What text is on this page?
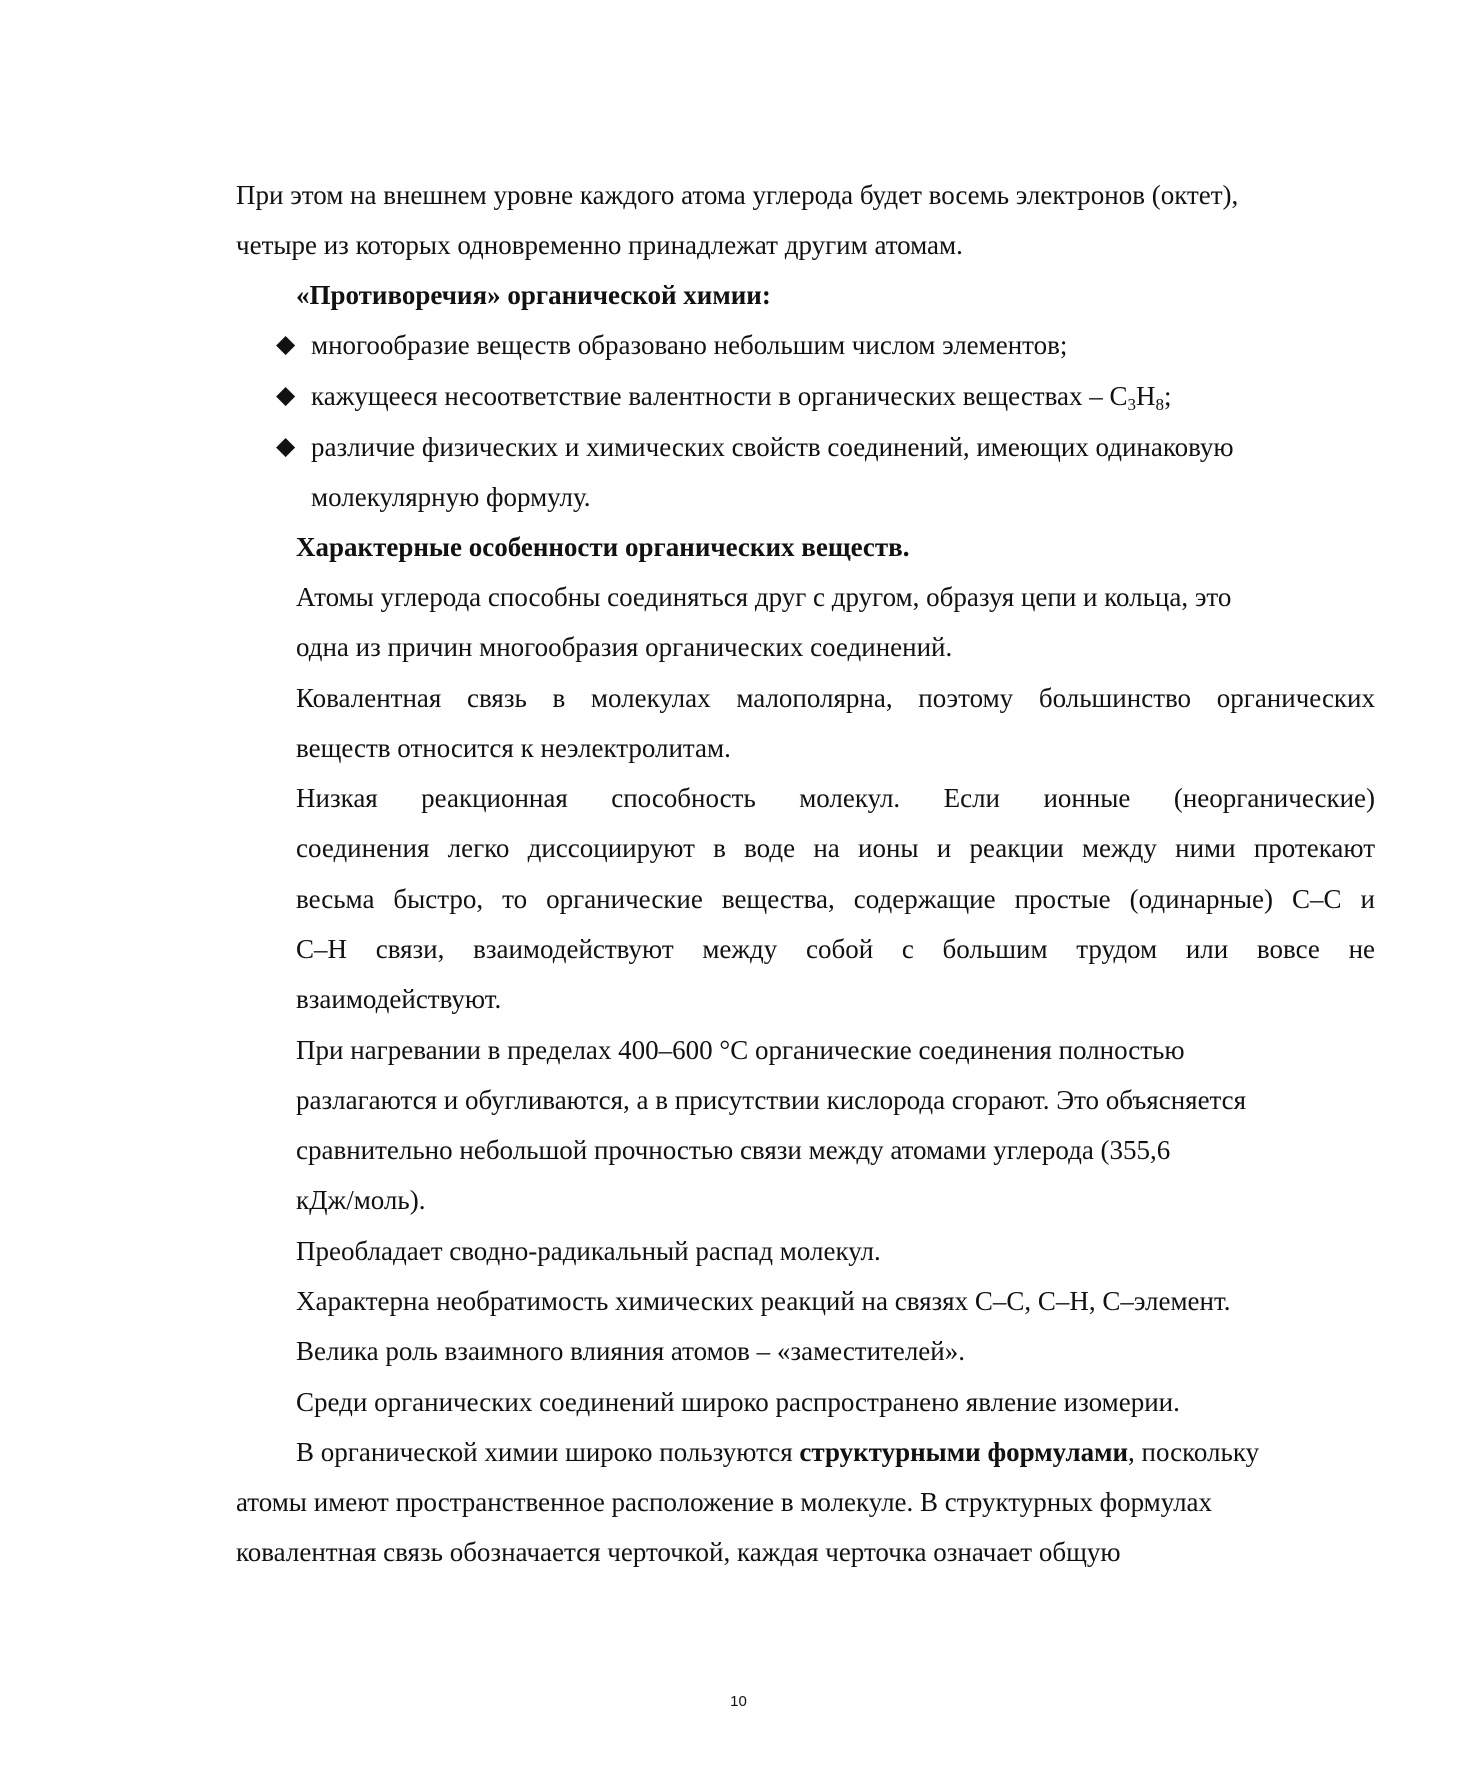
При этом на внешнем уровне каждого атома углерода будет восемь электронов (октет),
четыре из которых одновременно принадлежат другим атомам.
«Противоречия» органической химии:
◆ многообразие веществ образовано небольшим числом элементов;
◆ кажущееся несоответствие валентности в органических веществах – $С_3Н_8$;
◆ различие физических и химических свойств соединений, имеющих одинаковую
молекулярную формулу.
Характерные особенности органических веществ.
Атомы углерода способны соединяться друг с другом, образуя цепи и кольца, это
одна из причин многообразия органических соединений.
Ковалентная связь в молекулах малополярна, поэтому большинство органических
веществ относится к неэлектролитам.
Низкая реакционная способность молекул. Если ионные (неорганические)
соединения легко диссоциируют в воде на ионы и реакции между ними протекают
весьма быстро, то органические вещества, содержащие простые (одинарные) С–С и
С–Н связи, взаимодействуют между собой с большим трудом или вовсе не
взаимодействуют.
При нагревании в пределах 400–600 °С органические соединения полностью
разлагаются и обугливаются, а в присутствии кислорода сгорают. Это объясняется
сравнительно небольшой прочностью связи между атомами углерода (355,6
кДж/моль).
Преобладает сводно-радикальный распад молекул.
Характерна необратимость химических реакций на связях С–С, С–Н, С–элемент.
Велика роль взаимного влияния атомов – «заместителей».
Среди органических соединений широко распространено явление изомерии.
В органической химии широко пользуются структурными формулами, поскольку
атомы имеют пространственное расположение в молекуле. В структурных формулах
ковалентная связь обозначается черточкой, каждая черточка означает общую
10
